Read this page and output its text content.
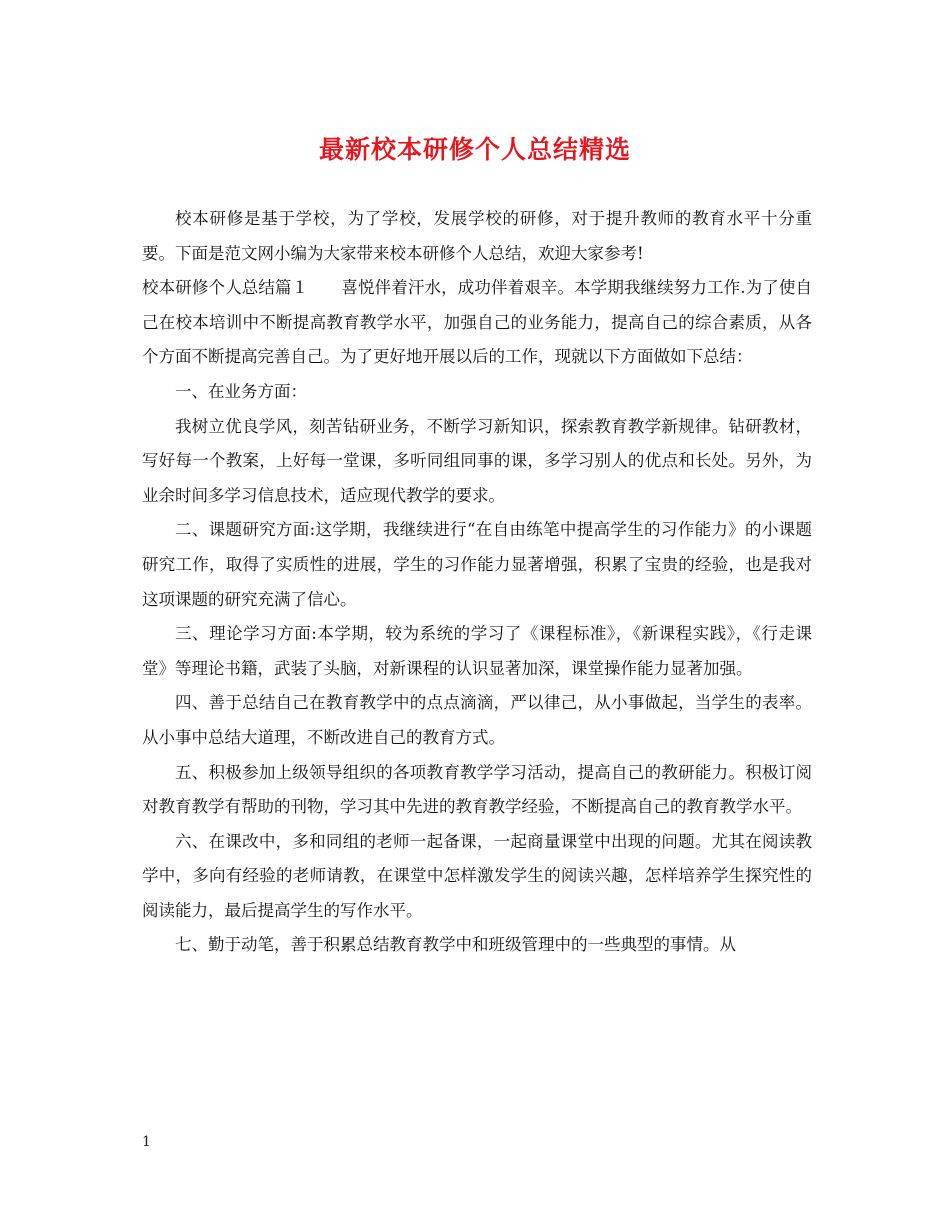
最新校本研修个人总结精选

校本研修是基于学校，为了学校，发展学校的研修，对于提升教师的教育水平十分重要。下面是范文网小编为大家带来校本研修个人总结，欢迎大家参考!

校本研修个人总结篇１　　喜悦伴着汗水，成功伴着艰辛。本学期我继续努力工作.为了使自己在校本培训中不断提高教育教学水平，加强自己的业务能力，提高自己的综合素质，从各个方面不断提高完善自己。为了更好地开展以后的工作，现就以下方面做如下总结：

一、在业务方面：

我树立优良学风，刻苦钻研业务，不断学习新知识，探索教育教学新规律。钻研教材，写好每一个教案，上好每一堂课，多听同组同事的课，多学习别人的优点和长处。另外，为业余时间多学习信息技术，适应现代教学的要求。

二、课题研究方面:这学期，我继续进行“在自由练笔中提高学生的习作能力》的小课题研究工作，取得了实质性的进展，学生的习作能力显著增强，积累了宝贵的经验，也是我对这项课题的研究充满了信心。

三、理论学习方面:本学期，较为系统的学习了《课程标准》，《新课程实践》，《行走课堂》等理论书籍，武装了头脑，对新课程的认识显著加深，课堂操作能力显著加强。

四、善于总结自己在教育教学中的点点滴滴，严以律己，从小事做起，当学生的表率。从小事中总结大道理，不断改进自己的教育方式。

五、积极参加上级领导组织的各项教育教学学习活动，提高自己的教研能力。积极订阅对教育教学有帮助的刊物，学习其中先进的教育教学经验，不断提高自己的教育教学水平。

六、在课改中，多和同组的老师一起备课，一起商量课堂中出现的问题。尤其在阅读教学中，多向有经验的老师请教，在课堂中怎样激发学生的阅读兴趣，怎样培养学生探究性的阅读能力，最后提高学生的写作水平。

七、勤于动笔，善于积累总结教育教学中和班级管理中的一些典型的事情。从

1
